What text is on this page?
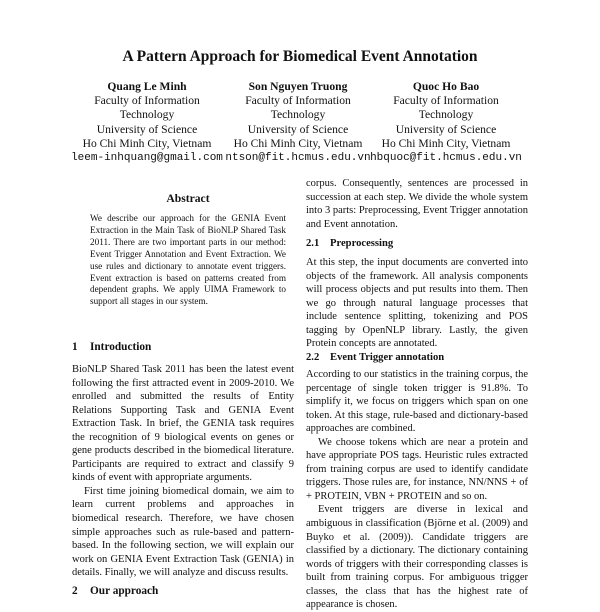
A Pattern Approach for Biomedical Event Annotation
Quang Le Minh
Faculty of Information Technology
University of Science
Ho Chi Minh City, Vietnam
leem-inhquang@gmail.com
Son Nguyen Truong
Faculty of Information Technology
University of Science
Ho Chi Minh City, Vietnam
ntson@fit.hcmus.edu.vn
Quoc Ho Bao
Faculty of Information Technology
University of Science
Ho Chi Minh City, Vietnam
hbquoc@fit.hcmus.edu.vn
Abstract
We describe our approach for the GENIA Event Extraction in the Main Task of BioNLP Shared Task 2011. There are two important parts in our method: Event Trigger Annotation and Event Extraction. We use rules and dictionary to annotate event triggers. Event extraction is based on patterns created from dependent graphs. We apply UIMA Framework to support all stages in our system.
1 Introduction

BioNLP Shared Task 2011 has been the latest event following the first attracted event in 2009-2010. We enrolled and submitted the results of Entity Relations Supporting Task and GENIA Event Extraction Task. In brief, the GENIA task requires the recognition of 9 biological events on genes or gene products described in the biomedical literature. Participants are required to extract and classify 9 kinds of event with appropriate arguments.

First time joining biomedical domain, we aim to learn current problems and approaches in biomedical research. Therefore, we have chosen simple approaches such as rule-based and pattern-based. In the following section, we will explain our work on GENIA Event Extraction Task (GENIA) in details. Finally, we will analyze and discuss results.

2 Our approach
corpus. Consequently, sentences are processed in succession at each step. We divide the whole system into 3 parts: Preprocessing, Event Trigger annotation and Event annotation.
2.1 Preprocessing
At this step, the input documents are converted into objects of the framework. All analysis components will process objects and put results into them. Then we go through natural language processes that include sentence splitting, tokenizing and POS tagging by OpenNLP library. Lastly, the given Protein concepts are annotated.
2.2 Event Trigger annotation

According to our statistics in the training corpus, the percentage of single token trigger is 91.8%. To simplify it, we focus on triggers which span on one token. At this stage, rule-based and dictionary-based approaches are combined.

We choose tokens which are near a protein and have appropriate POS tags. Heuristic rules extracted from training corpus are used to identify candidate triggers. Those rules are, for instance, NN/NNS + of + PROTEIN, VBN + PROTEIN and so on.

Event triggers are diverse in lexical and ambiguous in classification (Björne et al. (2009) and Buyko et al. (2009)). Candidate triggers are classified by a dictionary. The dictionary containing words of triggers with their corresponding classes is built from training corpus. For ambiguous trigger classes, the class that has the highest rate of appearance is chosen.
